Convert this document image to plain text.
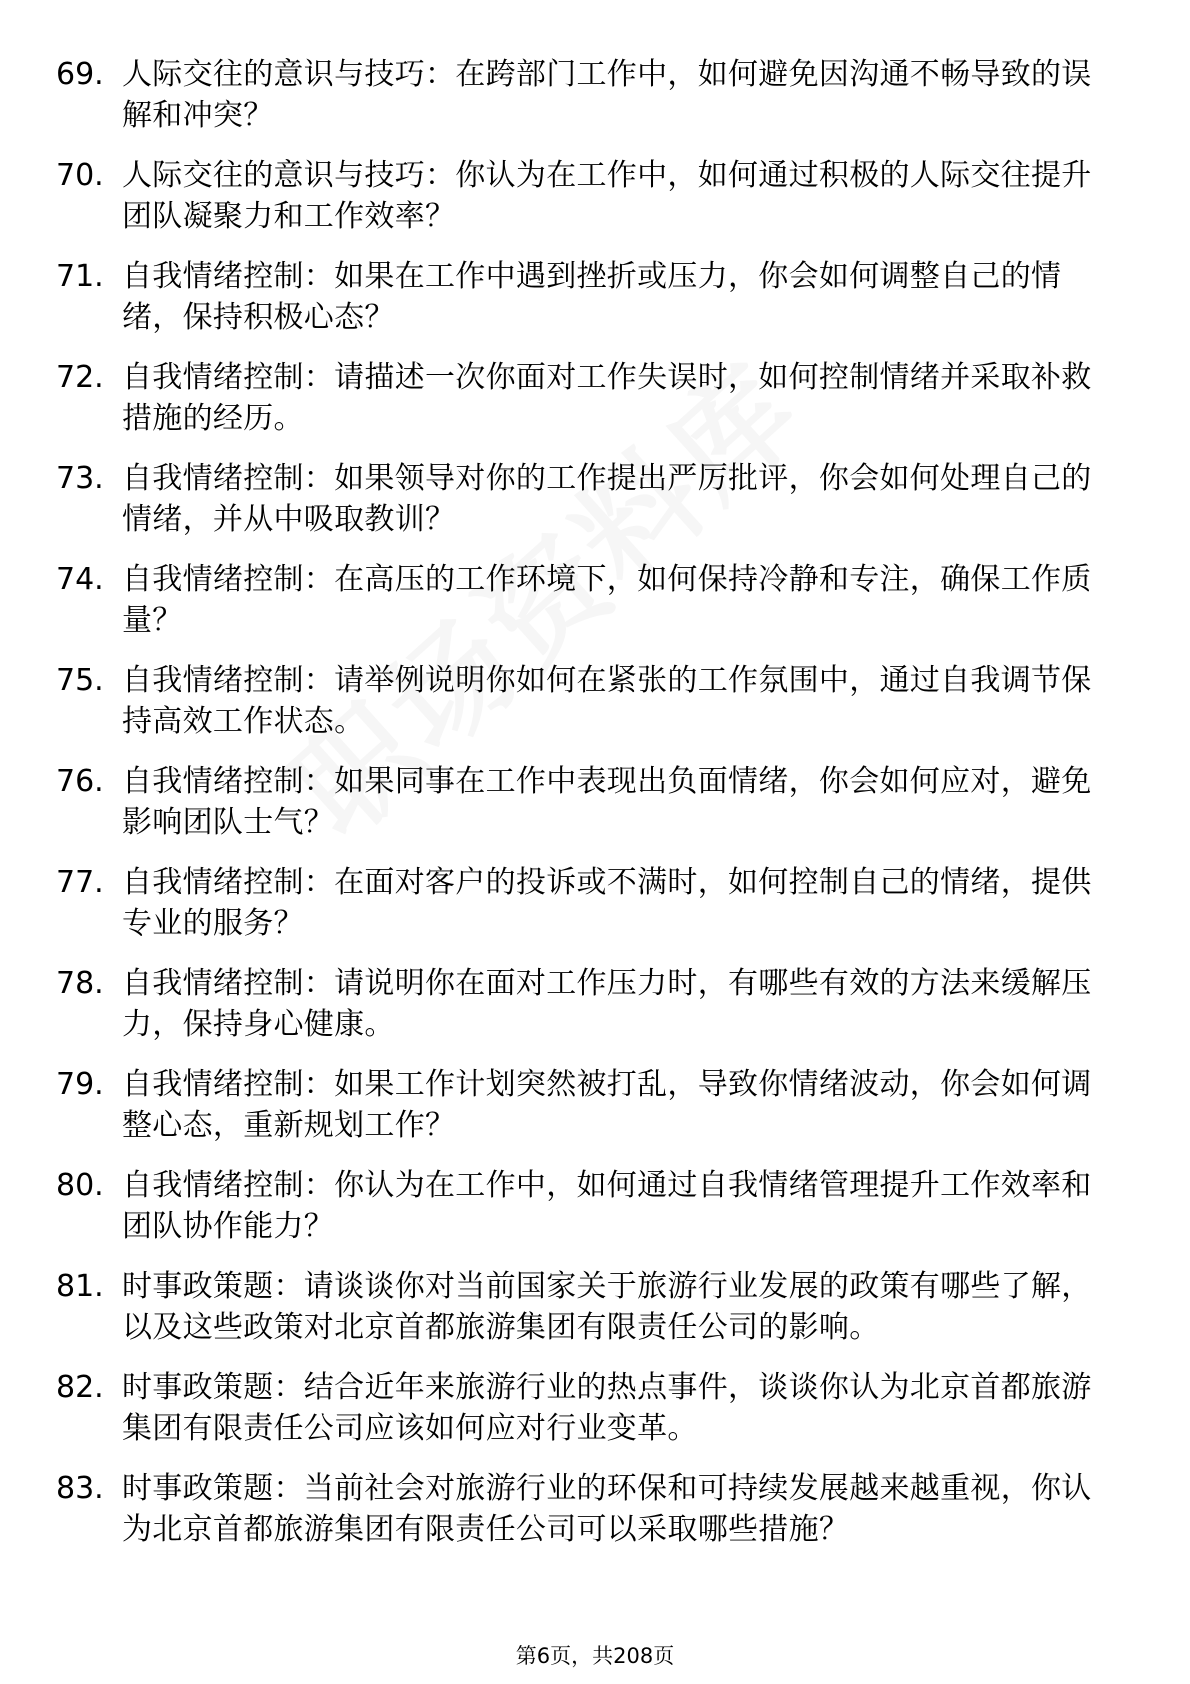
69. 人际交往的意识与技巧：在跨部门工作中，如何避免因沟通不畅导致的误解和冲突？
70. 人际交往的意识与技巧：你认为在工作中，如何通过积极的人际交往提升团队凝聚力和工作效率？
71. 自我情绪控制：如果在工作中遇到挫折或压力，你会如何调整自己的情绪，保持积极心态？
72. 自我情绪控制：请描述一次你面对工作失误时，如何控制情绪并采取补救措施的经历。
73. 自我情绪控制：如果领导对你的工作提出严厉批评，你会如何处理自己的情绪，并从中吸取教训？
74. 自我情绪控制：在高压的工作环境下，如何保持冷静和专注，确保工作质量？
75. 自我情绪控制：请举例说明你如何在紧张的工作氛围中，通过自我调节保持高效工作状态。
76. 自我情绪控制：如果同事在工作中表现出负面情绪，你会如何应对，避免影响团队士气？
77. 自我情绪控制：在面对客户的投诉或不满时，如何控制自己的情绪，提供专业的服务？
78. 自我情绪控制：请说明你在面对工作压力时，有哪些有效的方法来缓解压力，保持身心健康。
79. 自我情绪控制：如果工作计划突然被打乱，导致你情绪波动，你会如何调整心态，重新规划工作？
80. 自我情绪控制：你认为在工作中，如何通过自我情绪管理提升工作效率和团队协作能力？
81. 时事政策题：请谈谈你对当前国家关于旅游行业发展的政策有哪些了解，以及这些政策对北京首都旅游集团有限责任公司的影响。
82. 时事政策题：结合近年来旅游行业的热点事件，谈谈你认为北京首都旅游集团有限责任公司应该如何应对行业变革。
83. 时事政策题：当前社会对旅游行业的环保和可持续发展越来越重视，你认为北京首都旅游集团有限责任公司可以采取哪些措施？
第6页，共208页
